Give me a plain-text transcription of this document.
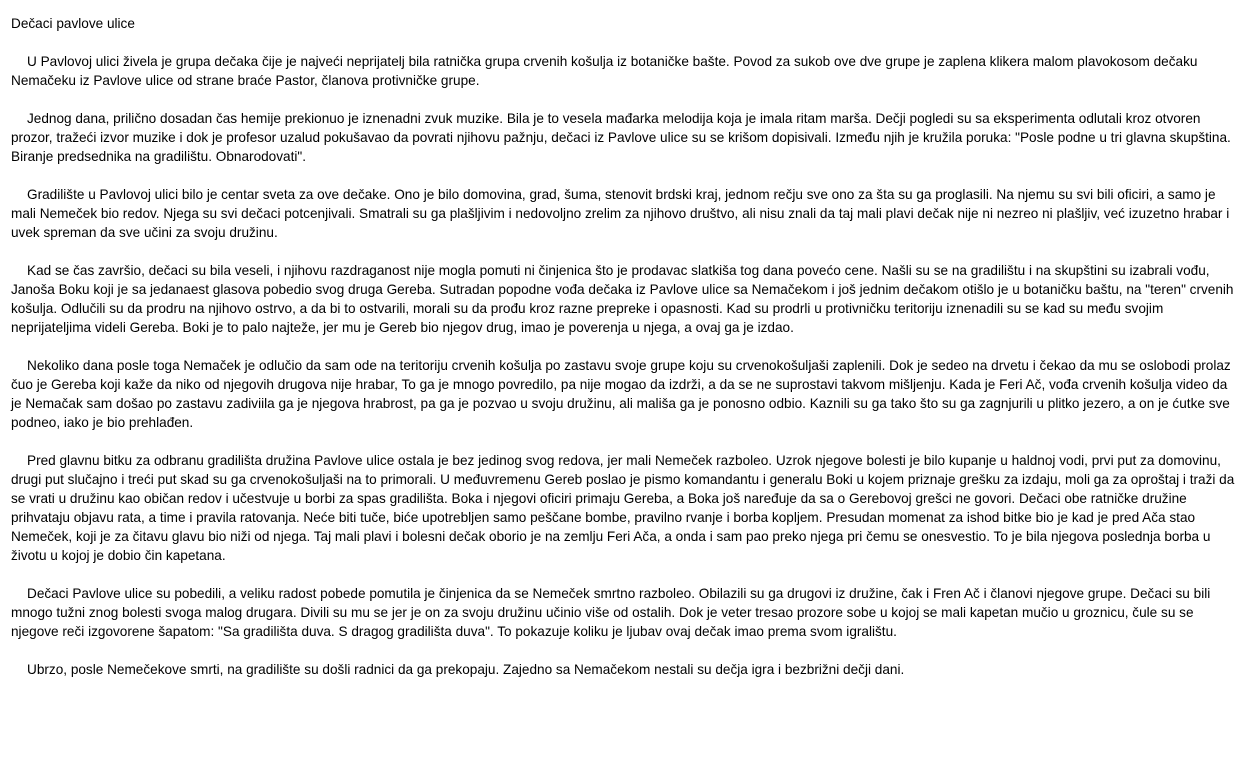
Dečaci pavlove ulice

U Pavlovoj ulici živela je grupa dečaka čije je najveći neprijatelj bila ratnička grupa crvenih košulja iz botaničke bašte. Povod za sukob ove dve grupe je zaplena klikera malom plavokosom dečaku Nemačeku iz Pavlove ulice od strane braće Pastor, članova protivničke grupe.

Jednog dana, prilično dosadan čas hemije prekionuo je iznenadni zvuk muzike. Bila je to vesela mađarka melodija koja je imala ritam marša. Dečji pogledi su sa eksperimenta odlutali kroz otvoren prozor, tražeći izvor muzike i dok je profesor uzalud pokušavao da povrati njihovu pažnju, dečaci iz Pavlove ulice su se krišom dopisivali. Između njih je kružila poruka: "Posle podne u tri glavna skupština. Biranje predsednika na gradilištu. Obnarodovati".

Gradilište u Pavlovoj ulici bilo je centar sveta za ove dečake. Ono je bilo domovina, grad, šuma, stenovit brdski kraj, jednom rečju sve ono za šta su ga proglasili. Na njemu su svi bili oficiri, a samo je mali Nemeček bio redov. Njega su svi dečaci potcenjivali. Smatrali su ga plašljivim i nedovoljno zrelim za njihovo društvo, ali nisu znali da taj mali plavi dečak nije ni nezreo ni plašljiv, već izuzetno hrabar i uvek spreman da sve učini za svoju družinu.

Kad se čas završio, dečaci su bila veseli, i njihovu razdraganost nije mogla pomuti ni činjenica što je prodavac slatkiša tog dana povećo cene. Našli su se na gradilištu i na skupštini su izabrali vođu, Janoša Boku koji je sa jedanaest glasova pobedio svog druga Gereba. Sutradan popodne vođa dečaka iz Pavlove ulice sa Nemačekom i još jednim dečakom otišlo je u botaničku baštu, na "teren" crvenih košulja. Odlučili su da prodru na njihovo ostrvo, a da bi to ostvarili, morali su da prođu kroz razne prepreke i opasnosti. Kad su prodrli u protivničku teritoriju iznenadili su se kad su među svojim neprijateljima videli Gereba. Boki je to palo najteže, jer mu je Gereb bio njegov drug, imao je poverenja u njega, a ovaj ga je izdao.

Nekoliko dana posle toga Nemaček je odlučio da sam ode na teritoriju crvenih košulja po zastavu svoje grupe koju su crvenokošuljaši zaplenili. Dok je sedeo na drvetu i čekao da mu se oslobodi prolaz čuo je Gereba koji kaže da niko od njegovih drugova nije hrabar, To ga je mnogo povredilo, pa nije mogao da izdrži, a da se ne suprostavi takvom mišljenju. Kada je Feri Ač, vođa crvenih košulja video da je Nemačak sam došao po zastavu zadiviila ga je njegova hrabrost, pa ga je pozvao u svoju družinu, ali mališa ga je ponosno odbio. Kaznili su ga tako što su ga zagnjurili u plitko jezero, a on je ćutke sve podneo, iako je bio prehlađen.

Pred glavnu bitku za odbranu gradilišta družina Pavlove ulice ostala je bez jedinog svog redova, jer mali Nemeček razboleo. Uzrok njegove bolesti je bilo kupanje u haldnoj vodi, prvi put za domovinu, drugi put slučajno i treći put skad su ga crvenokošuljaši na to primorali. U međuvremenu Gereb poslao je pismo komandantu i generalu Boki u kojem priznaje grešku za izdaju, moli ga za oproštaj i traži da se vrati u družinu kao običan redov i učestvuje u borbi za spas gradilišta. Boka i njegovi oficiri primaju Gereba, a Boka još naređuje da sa o Gerebovoj grešci ne govori. Dečaci obe ratničke družine prihvataju objavu rata, a time i pravila ratovanja. Neće biti tuče, biće upotrebljen samo peščane bombe, pravilno rvanje i borba kopljem. Presudan momenat za ishod bitke bio je kad je pred Ača stao Nemeček, koji je za čitavu glavu bio niži od njega. Taj mali plavi i bolesni dečak oborio je na zemlju Feri Ača, a onda i sam pao preko njega pri čemu se onesvestio. To je bila njegova poslednja borba u životu u kojoj je dobio čin kapetana.

Dečaci Pavlove ulice su pobedili, a veliku radost pobede pomutila je činjenica da se Nemeček smrtno razboleo. Obilazili su ga drugovi iz družine, čak i Fren Ač i članovi njegove grupe. Dečaci su bili mnogo tužni znog bolesti svoga malog drugara. Divili su mu se jer je on za svoju družinu učinio više od ostalih. Dok je veter tresao prozore sobe u kojoj se mali kapetan mučio u groznicu, čule su se njegove reči izgovorene šapatom: "Sa gradilišta duva. S dragog gradilišta duva". To pokazuje koliku je ljubav ovaj dečak imao prema svom igralištu.

Ubrzo, posle Nemečekove smrti, na gradilište su došli radnici da ga prekopaju. Zajedno sa Nemačekom nestali su dečja igra i bezbrižni dečji dani.
